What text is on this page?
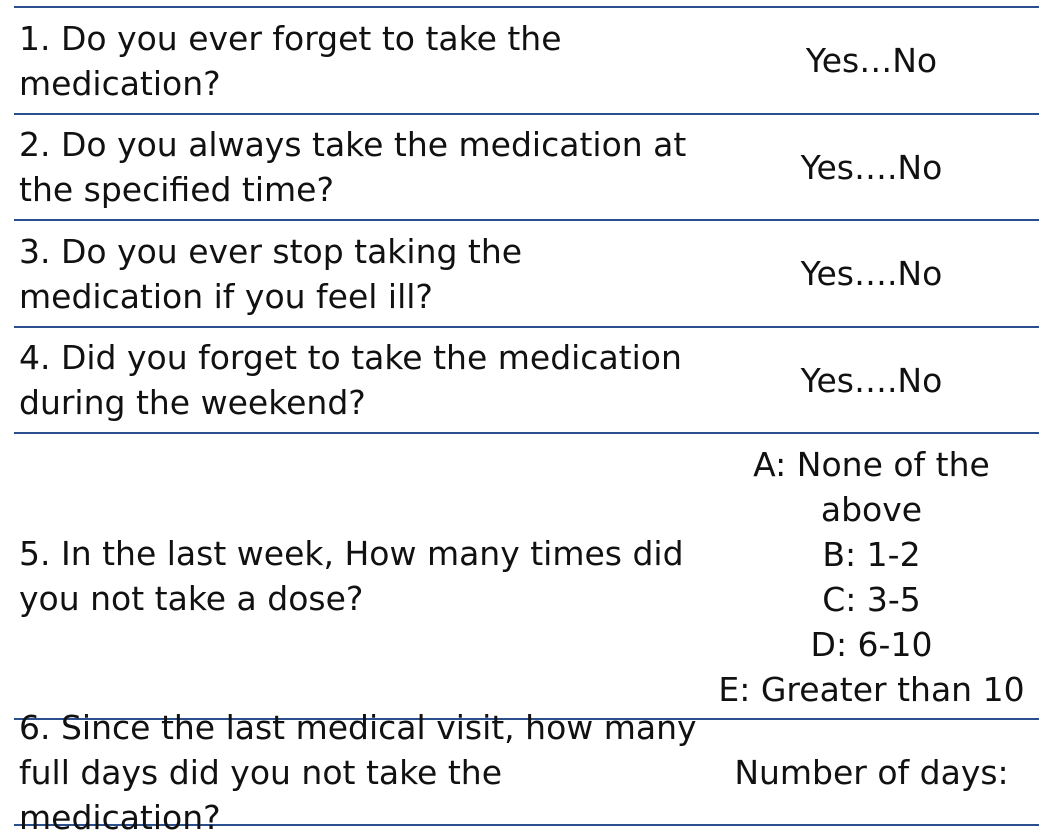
1. Do you ever forget to take the medication?
Yes…No
2. Do you always take the medication at the specified time?
Yes….No
3. Do you ever stop taking the medication if you feel ill?
Yes….No
4. Did you forget to take the medication during the weekend?
Yes….No
5. In the last week, How many times did you not take a dose?
A: None of the above
B: 1-2
C: 3-5
D: 6-10
E: Greater than 10
6. Since the last medical visit, how many full days did you not take the medication?
Number of days:
